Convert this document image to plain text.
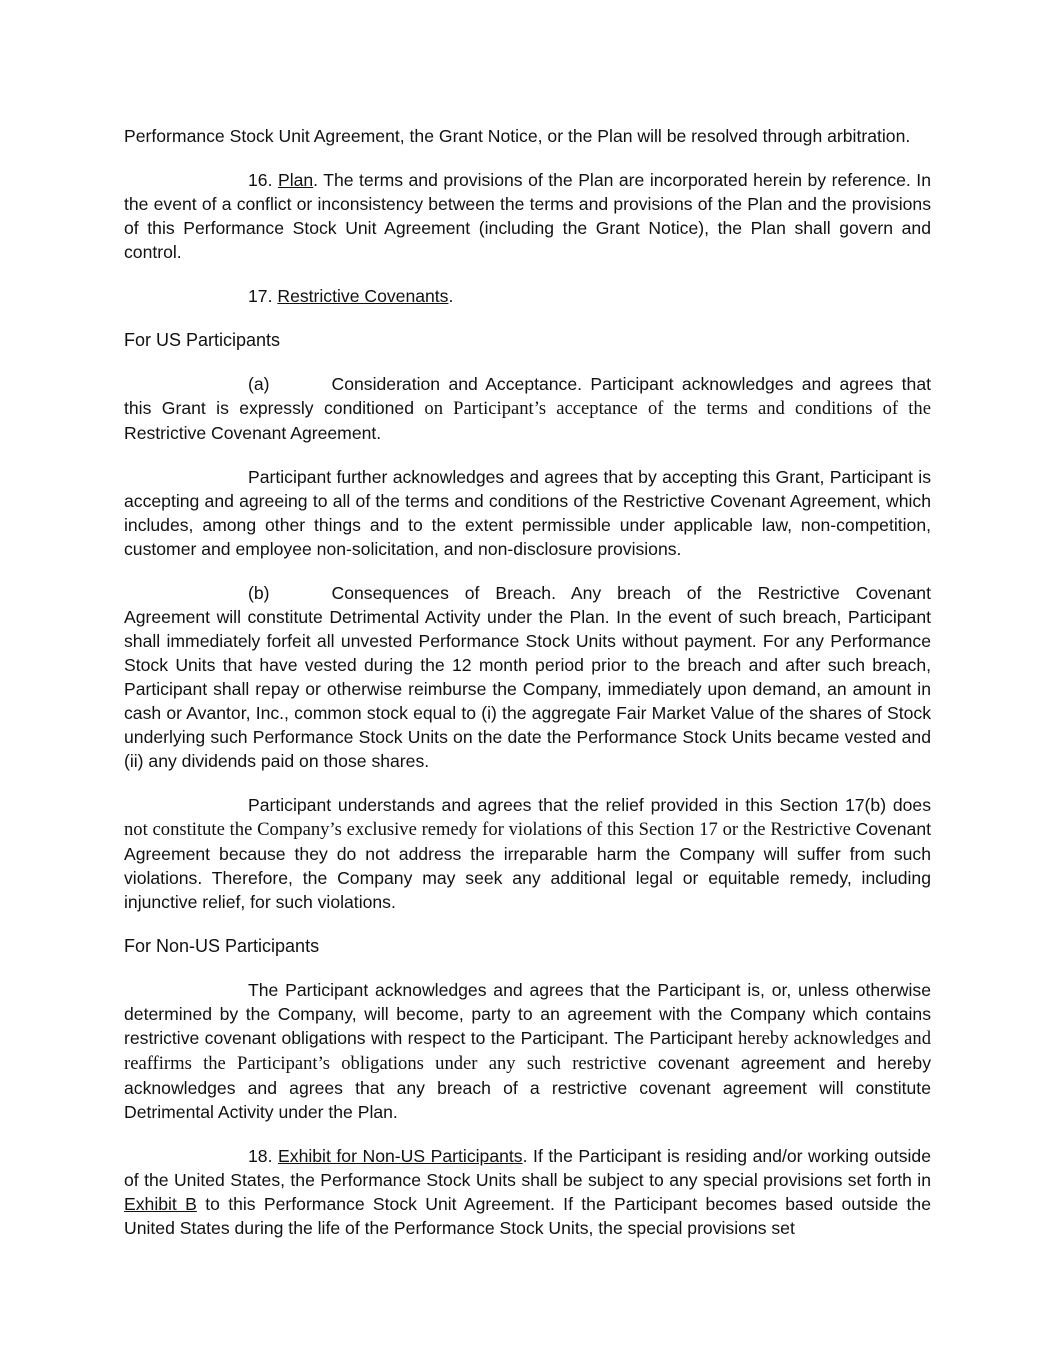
Performance Stock Unit Agreement, the Grant Notice, or the Plan will be resolved through arbitration.

16. Plan. The terms and provisions of the Plan are incorporated herein by reference. In the event of a conflict or inconsistency between the terms and provisions of the Plan and the provisions of this Performance Stock Unit Agreement (including the Grant Notice), the Plan shall govern and control.

17. Restrictive Covenants.

For US Participants

(a)	Consideration and Acceptance. Participant acknowledges and agrees that this Grant is expressly conditioned on Participant’s acceptance of the terms and conditions of the Restrictive Covenant Agreement.

Participant further acknowledges and agrees that by accepting this Grant, Participant is accepting and agreeing to all of the terms and conditions of the Restrictive Covenant Agreement, which includes, among other things and to the extent permissible under applicable law, non-competition, customer and employee non-solicitation, and non-disclosure provisions.

(b)	Consequences of Breach. Any breach of the Restrictive Covenant Agreement will constitute Detrimental Activity under the Plan. In the event of such breach, Participant shall immediately forfeit all unvested Performance Stock Units without payment. For any Performance Stock Units that have vested during the 12 month period prior to the breach and after such breach, Participant shall repay or otherwise reimburse the Company, immediately upon demand, an amount in cash or Avantor, Inc., common stock equal to (i) the aggregate Fair Market Value of the shares of Stock underlying such Performance Stock Units on the date the Performance Stock Units became vested and (ii) any dividends paid on those shares.

Participant understands and agrees that the relief provided in this Section 17(b) does not constitute the Company’s exclusive remedy for violations of this Section 17 or the Restrictive Covenant Agreement because they do not address the irreparable harm the Company will suffer from such violations. Therefore, the Company may seek any additional legal or equitable remedy, including injunctive relief, for such violations.

For Non-US Participants

The Participant acknowledges and agrees that the Participant is, or, unless otherwise determined by the Company, will become, party to an agreement with the Company which contains restrictive covenant obligations with respect to the Participant. The Participant hereby acknowledges and reaffirms the Participant’s obligations under any such restrictive covenant agreement and hereby acknowledges and agrees that any breach of a restrictive covenant agreement will constitute Detrimental Activity under the Plan.

18. Exhibit for Non-US Participants. If the Participant is residing and/or working outside of the United States, the Performance Stock Units shall be subject to any special provisions set forth in Exhibit B to this Performance Stock Unit Agreement. If the Participant becomes based outside the United States during the life of the Performance Stock Units, the special provisions set
